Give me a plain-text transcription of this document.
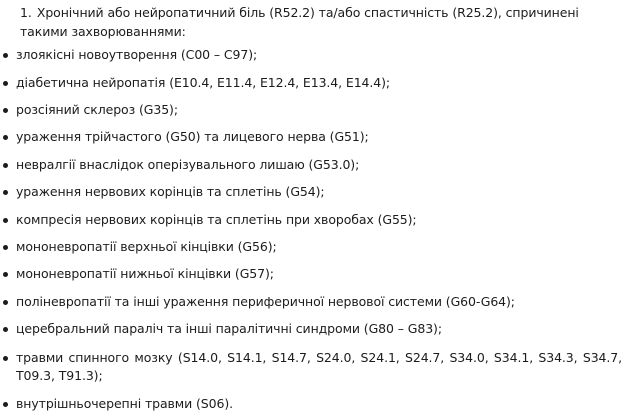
1. Хронічний або нейропатичний біль (R52.2) та/або спастичність (R25.2), спричинені такими захворюваннями:
злоякісні новоутворення (C00 – C97);
діабетична нейропатія (E10.4, E11.4, E12.4, E13.4, E14.4);
розсіяний склероз (G35);
ураження трійчастого (G50) та лицевого нерва (G51);
невралгії внаслідок оперізувального лишаю (G53.0);
ураження нервових корінців та сплетінь (G54);
компресія нервових корінців та сплетінь при хворобах (G55);
мононевропатії верхньої кінцівки (G56);
мононевропатії нижньої кінцівки (G57);
поліневропатії та інші ураження периферичної нервової системи (G60-G64);
церебральний параліч та інші паралітичні синдроми (G80 – G83);
травми спинного мозку (S14.0, S14.1, S14.7, S24.0, S24.1, S24.7, S34.0, S34.1, S34.3, S34.7, T09.3, T91.3);
внутрішньочерепні травми (S06).
